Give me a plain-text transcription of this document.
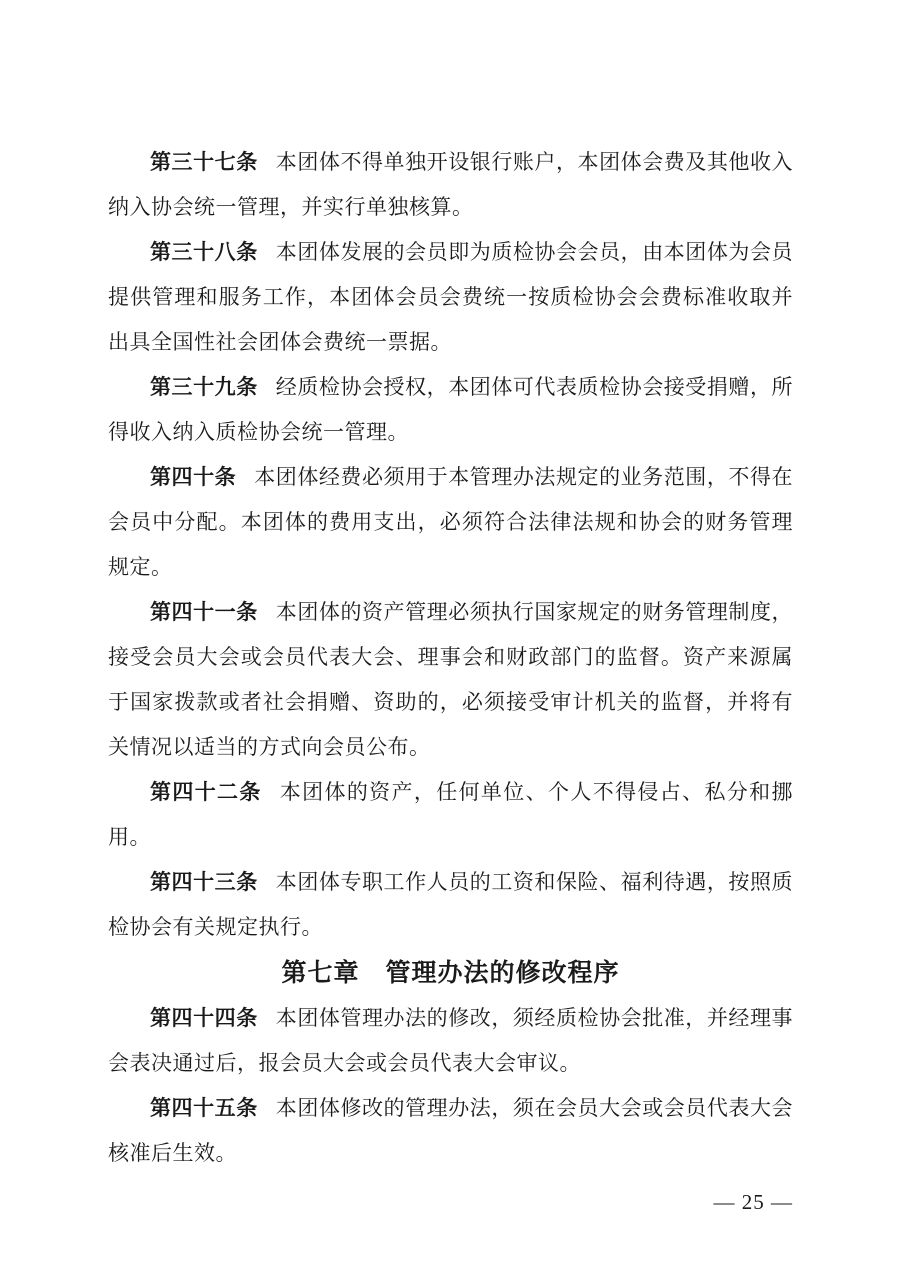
第三十七条 本团体不得单独开设银行账户，本团体会费及其他收入纳入协会统一管理，并实行单独核算。

第三十八条 本团体发展的会员即为质检协会会员，由本团体为会员提供管理和服务工作，本团体会员会费统一按质检协会会费标准收取并出具全国性社会团体会费统一票据。

第三十九条 经质检协会授权，本团体可代表质检协会接受捐赠，所得收入纳入质检协会统一管理。

第四十条 本团体经费必须用于本管理办法规定的业务范围，不得在会员中分配。本团体的费用支出，必须符合法律法规和协会的财务管理规定。

第四十一条 本团体的资产管理必须执行国家规定的财务管理制度，接受会员大会或会员代表大会、理事会和财政部门的监督。资产来源属于国家拨款或者社会捐赠、资助的，必须接受审计机关的监督，并将有关情况以适当的方式向会员公布。

第四十二条 本团体的资产，任何单位、个人不得侵占、私分和挪用。

第四十三条 本团体专职工作人员的工资和保险、福利待遇，按照质检协会有关规定执行。

第七章 管理办法的修改程序

第四十四条 本团体管理办法的修改，须经质检协会批准，并经理事会表决通过后，报会员大会或会员代表大会审议。

第四十五条 本团体修改的管理办法，须在会员大会或会员代表大会核准后生效。

— 25 —
